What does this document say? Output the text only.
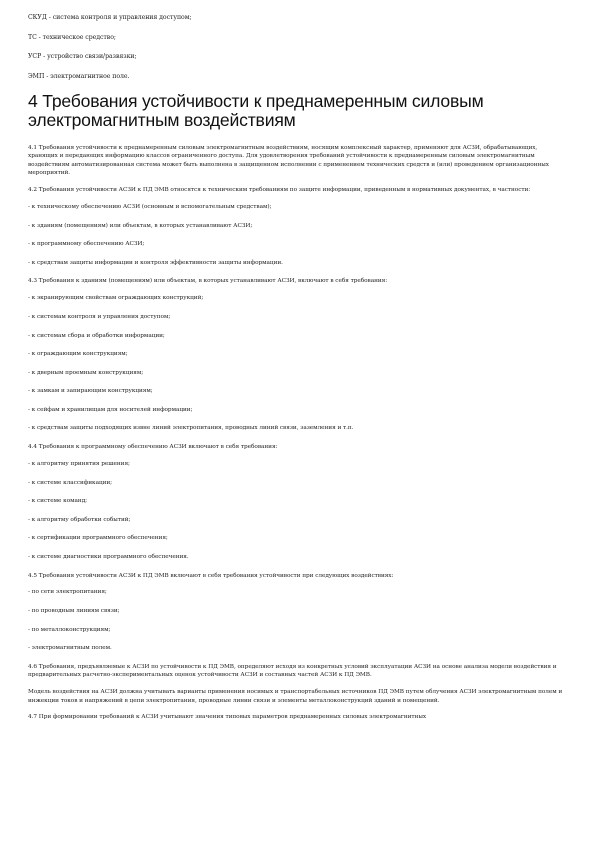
СКУД - система контроля и управления доступом;

ТС - техническое средство;

УСР - устройство связи/развязки;

ЭМП - электромагнитное поле.

4 Требования устойчивости к преднамеренным силовым электромагнитным воздействиям

4.1 Требования устойчивости к преднамеренным силовым электромагнитным воздействиям, носящим комплексный характер, применяют для АСЗИ, обрабатывающих, хранящих и передающих информацию классов ограниченного доступа. Для удовлетворения требований устойчивости к преднамеренным силовым электромагнитным воздействиям автоматизированная система может быть выполнена в защищенном исполнении с применением технических средств и (или) проведением организационных мероприятий.

4.2 Требования устойчивости АСЗИ к ПД ЭМВ относятся к техническим требованиям по защите информации, приведенным в нормативных документах, в частности:

- к техническому обеспечению АСЗИ (основным и вспомогательным средствам);

- к зданиям (помещениям) или объектам, в которых устанавливают АСЗИ;

- к программному обеспечению АСЗИ;

- к средствам защиты информации и контроля эффективности защиты информации.

4.3 Требования к зданиям (помещениям) или объектам, в которых устанавливают АСЗИ, включают в себя требования:

- к экранирующим свойствам ограждающих конструкций;

- к системам контроля и управления доступом;

- к системам сбора и обработки информации;

- к ограждающим конструкциям;

- к дверным проемным конструкциям;

- к замкам и запирающим конструкциям;

- к сейфам и хранилищам для носителей информации;

- к средствам защиты подходящих извне линий электропитания, проводных линий связи, заземления и т.п.

4.4 Требования к программному обеспечению АСЗИ включают в себя требования:

- к алгоритму принятия решения;

- к системе классификации;

- к системе команд;

- к алгоритму обработки событий;

- к сертификации программного обеспечения;

- к системе диагностики программного обеспечения.

4.5 Требования устойчивости АСЗИ к ПД ЭМВ включают в себя требования устойчивости при следующих воздействиях:

- по сети электропитания;

- по проводным линиям связи;

- по металлоконструкциям;

- электромагнитным полем.

4.6 Требования, предъявляемые к АСЗИ по устойчивости к ПД ЭМВ, определяют исходя из конкретных условий эксплуатации АСЗИ на основе анализа модели воздействия и предварительных расчетно-экспериментальных оценок устойчивости АСЗИ и составных частей АСЗИ к ПД ЭМВ.

Модель воздействия на АСЗИ должна учитывать варианты применения носимых и транспортабельных источников ПД ЭМВ путем облучения АСЗИ электромагнитным полем и инжекции токов и напряжений в цепи электропитания, проводные линии связи и элементы металлоконструкций зданий и помещений.

4.7 При формировании требований к АСЗИ учитывают значения типовых параметров преднамеренных силовых электромагнитных
